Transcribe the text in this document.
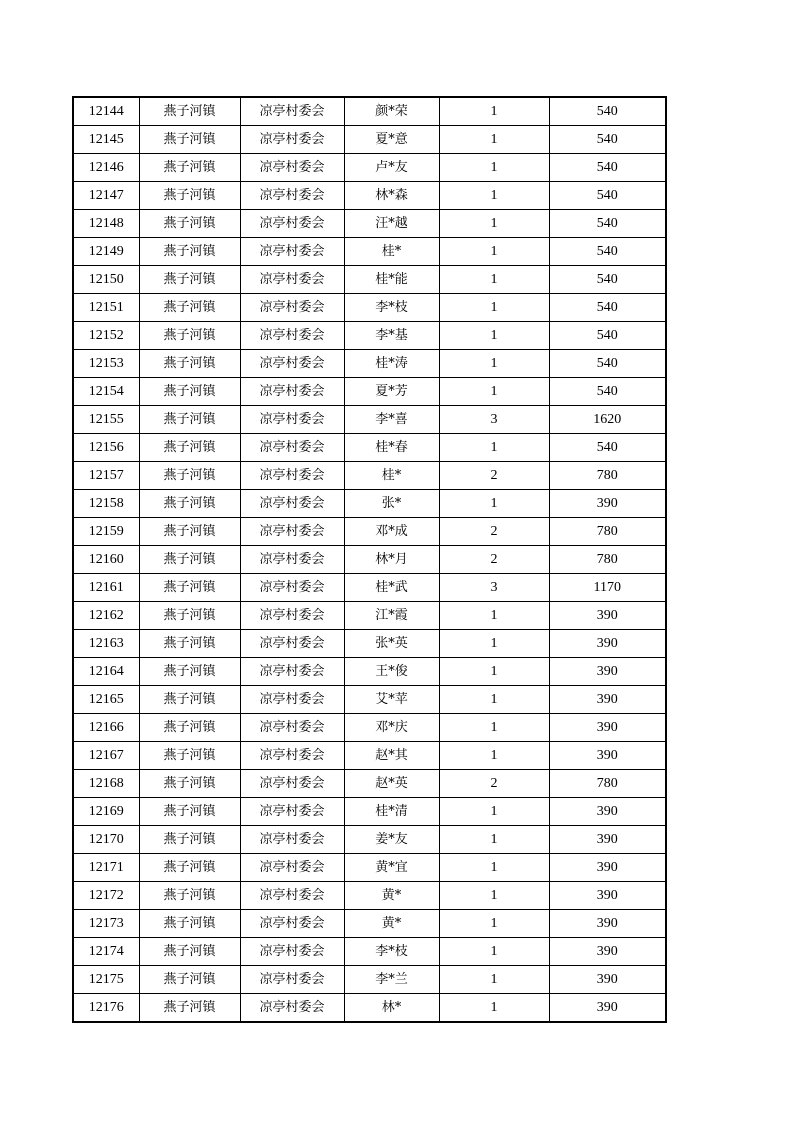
12144	燕子河镇	凉亭村委会	颜*荣	1	540
12145	燕子河镇	凉亭村委会	夏*意	1	540
12146	燕子河镇	凉亭村委会	卢*友	1	540
12147	燕子河镇	凉亭村委会	林*森	1	540
12148	燕子河镇	凉亭村委会	汪*越	1	540
12149	燕子河镇	凉亭村委会	桂*	1	540
12150	燕子河镇	凉亭村委会	桂*能	1	540
12151	燕子河镇	凉亭村委会	李*枝	1	540
12152	燕子河镇	凉亭村委会	李*基	1	540
12153	燕子河镇	凉亭村委会	桂*涛	1	540
12154	燕子河镇	凉亭村委会	夏*芳	1	540
12155	燕子河镇	凉亭村委会	李*喜	3	1620
12156	燕子河镇	凉亭村委会	桂*春	1	540
12157	燕子河镇	凉亭村委会	桂*	2	780
12158	燕子河镇	凉亭村委会	张*	1	390
12159	燕子河镇	凉亭村委会	邓*成	2	780
12160	燕子河镇	凉亭村委会	林*月	2	780
12161	燕子河镇	凉亭村委会	桂*武	3	1170
12162	燕子河镇	凉亭村委会	江*霞	1	390
12163	燕子河镇	凉亭村委会	张*英	1	390
12164	燕子河镇	凉亭村委会	王*俊	1	390
12165	燕子河镇	凉亭村委会	艾*苹	1	390
12166	燕子河镇	凉亭村委会	邓*庆	1	390
12167	燕子河镇	凉亭村委会	赵*其	1	390
12168	燕子河镇	凉亭村委会	赵*英	2	780
12169	燕子河镇	凉亭村委会	桂*清	1	390
12170	燕子河镇	凉亭村委会	姜*友	1	390
12171	燕子河镇	凉亭村委会	黄*宜	1	390
12172	燕子河镇	凉亭村委会	黄*	1	390
12173	燕子河镇	凉亭村委会	黄*	1	390
12174	燕子河镇	凉亭村委会	李*枝	1	390
12175	燕子河镇	凉亭村委会	李*兰	1	390
12176	燕子河镇	凉亭村委会	林*	1	390
